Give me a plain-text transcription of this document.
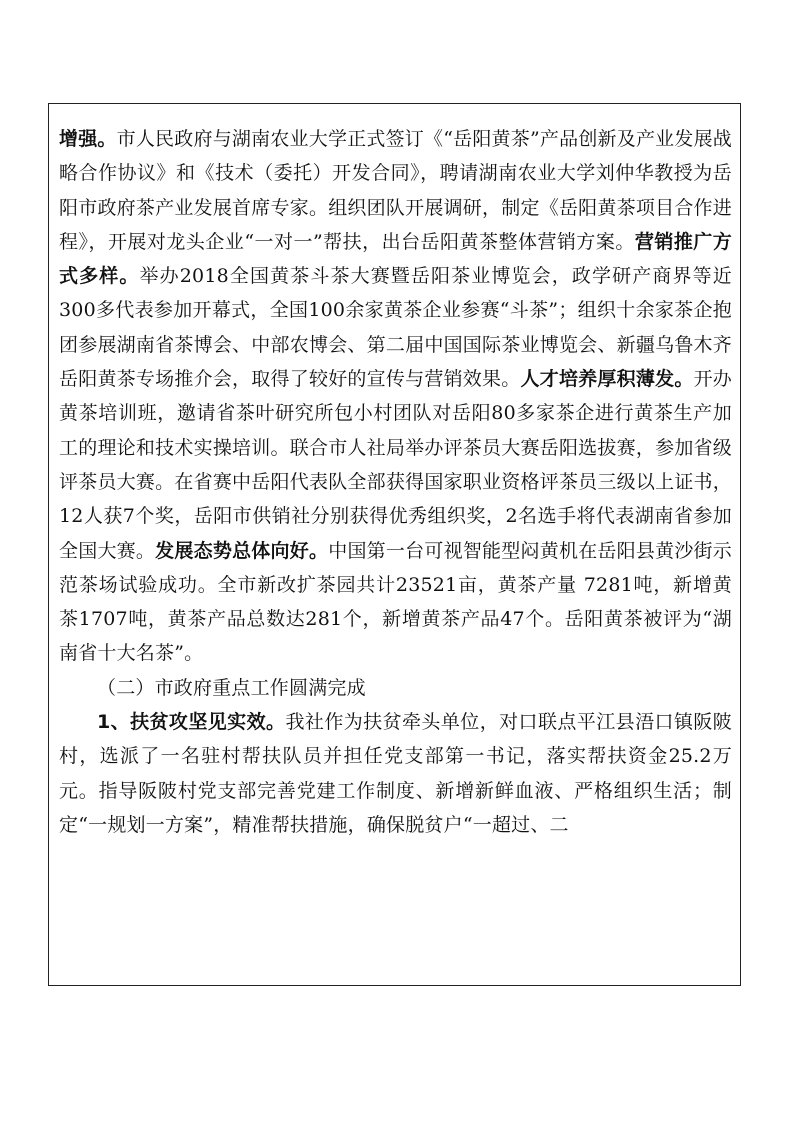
增强。市人民政府与湖南农业大学正式签订《“岳阳黄茶”产品创新及产业发展战略合作协议》和《技术（委托）开发合同》，聘请湖南农业大学刘仲华教授为岳阳市政府茶产业发展首席专家。组织团队开展调研，制定《岳阳黄茶项目合作进程》，开展对龙头企业“一对一”帮扶，出台岳阳黄茶整体营销方案。营销推广方式多样。举办2018全国黄茶斗茶大赛暨岳阳茶业博览会，政学研产商界等近300多代表参加开幕式，全国100余家黄茶企业参赛“斗茶”；组织十余家茶企抱团参展湖南省茶博会、中部农博会、第二届中国国际茶业博览会、新疆乌鲁木齐岳阳黄茶专场推介会，取得了较好的宣传与营销效果。人才培养厚积薄发。开办黄茶培训班，邀请省茶叶研究所包小村团队对岳阳80多家茶企进行黄茶生产加工的理论和技术实操培训。联合市人社局举办评茶员大赛岳阳选拔赛，参加省级评茶员大赛。在省赛中岳阳代表队全部获得国家职业资格评茶员三级以上证书，12人获7个奖，岳阳市供销社分别获得优秀组织奖，2名选手将代表湖南省参加全国大赛。发展态势总体向好。中国第一台可视智能型闷黄机在岳阳县黄沙街示范茶场试验成功。全市新改扩茶园共计23521亩，黄茶产量 7281吨，新增黄茶1707吨，黄茶产品总数达281个，新增黄茶产品47个。岳阳黄茶被评为“湖南省十大名茶”。

（二）市政府重点工作圆满完成

1、扶贫攻坚见实效。我社作为扶贫牵头单位，对口联点平江县浯口镇阪陂村，选派了一名驻村帮扶队员并担任党支部第一书记，落实帮扶资金25.2万元。指导阪陂村党支部完善党建工作制度、新增新鲜血液、严格组织生活；制定“一规划一方案”，精准帮扶措施，确保脱贫户“一超过、二
